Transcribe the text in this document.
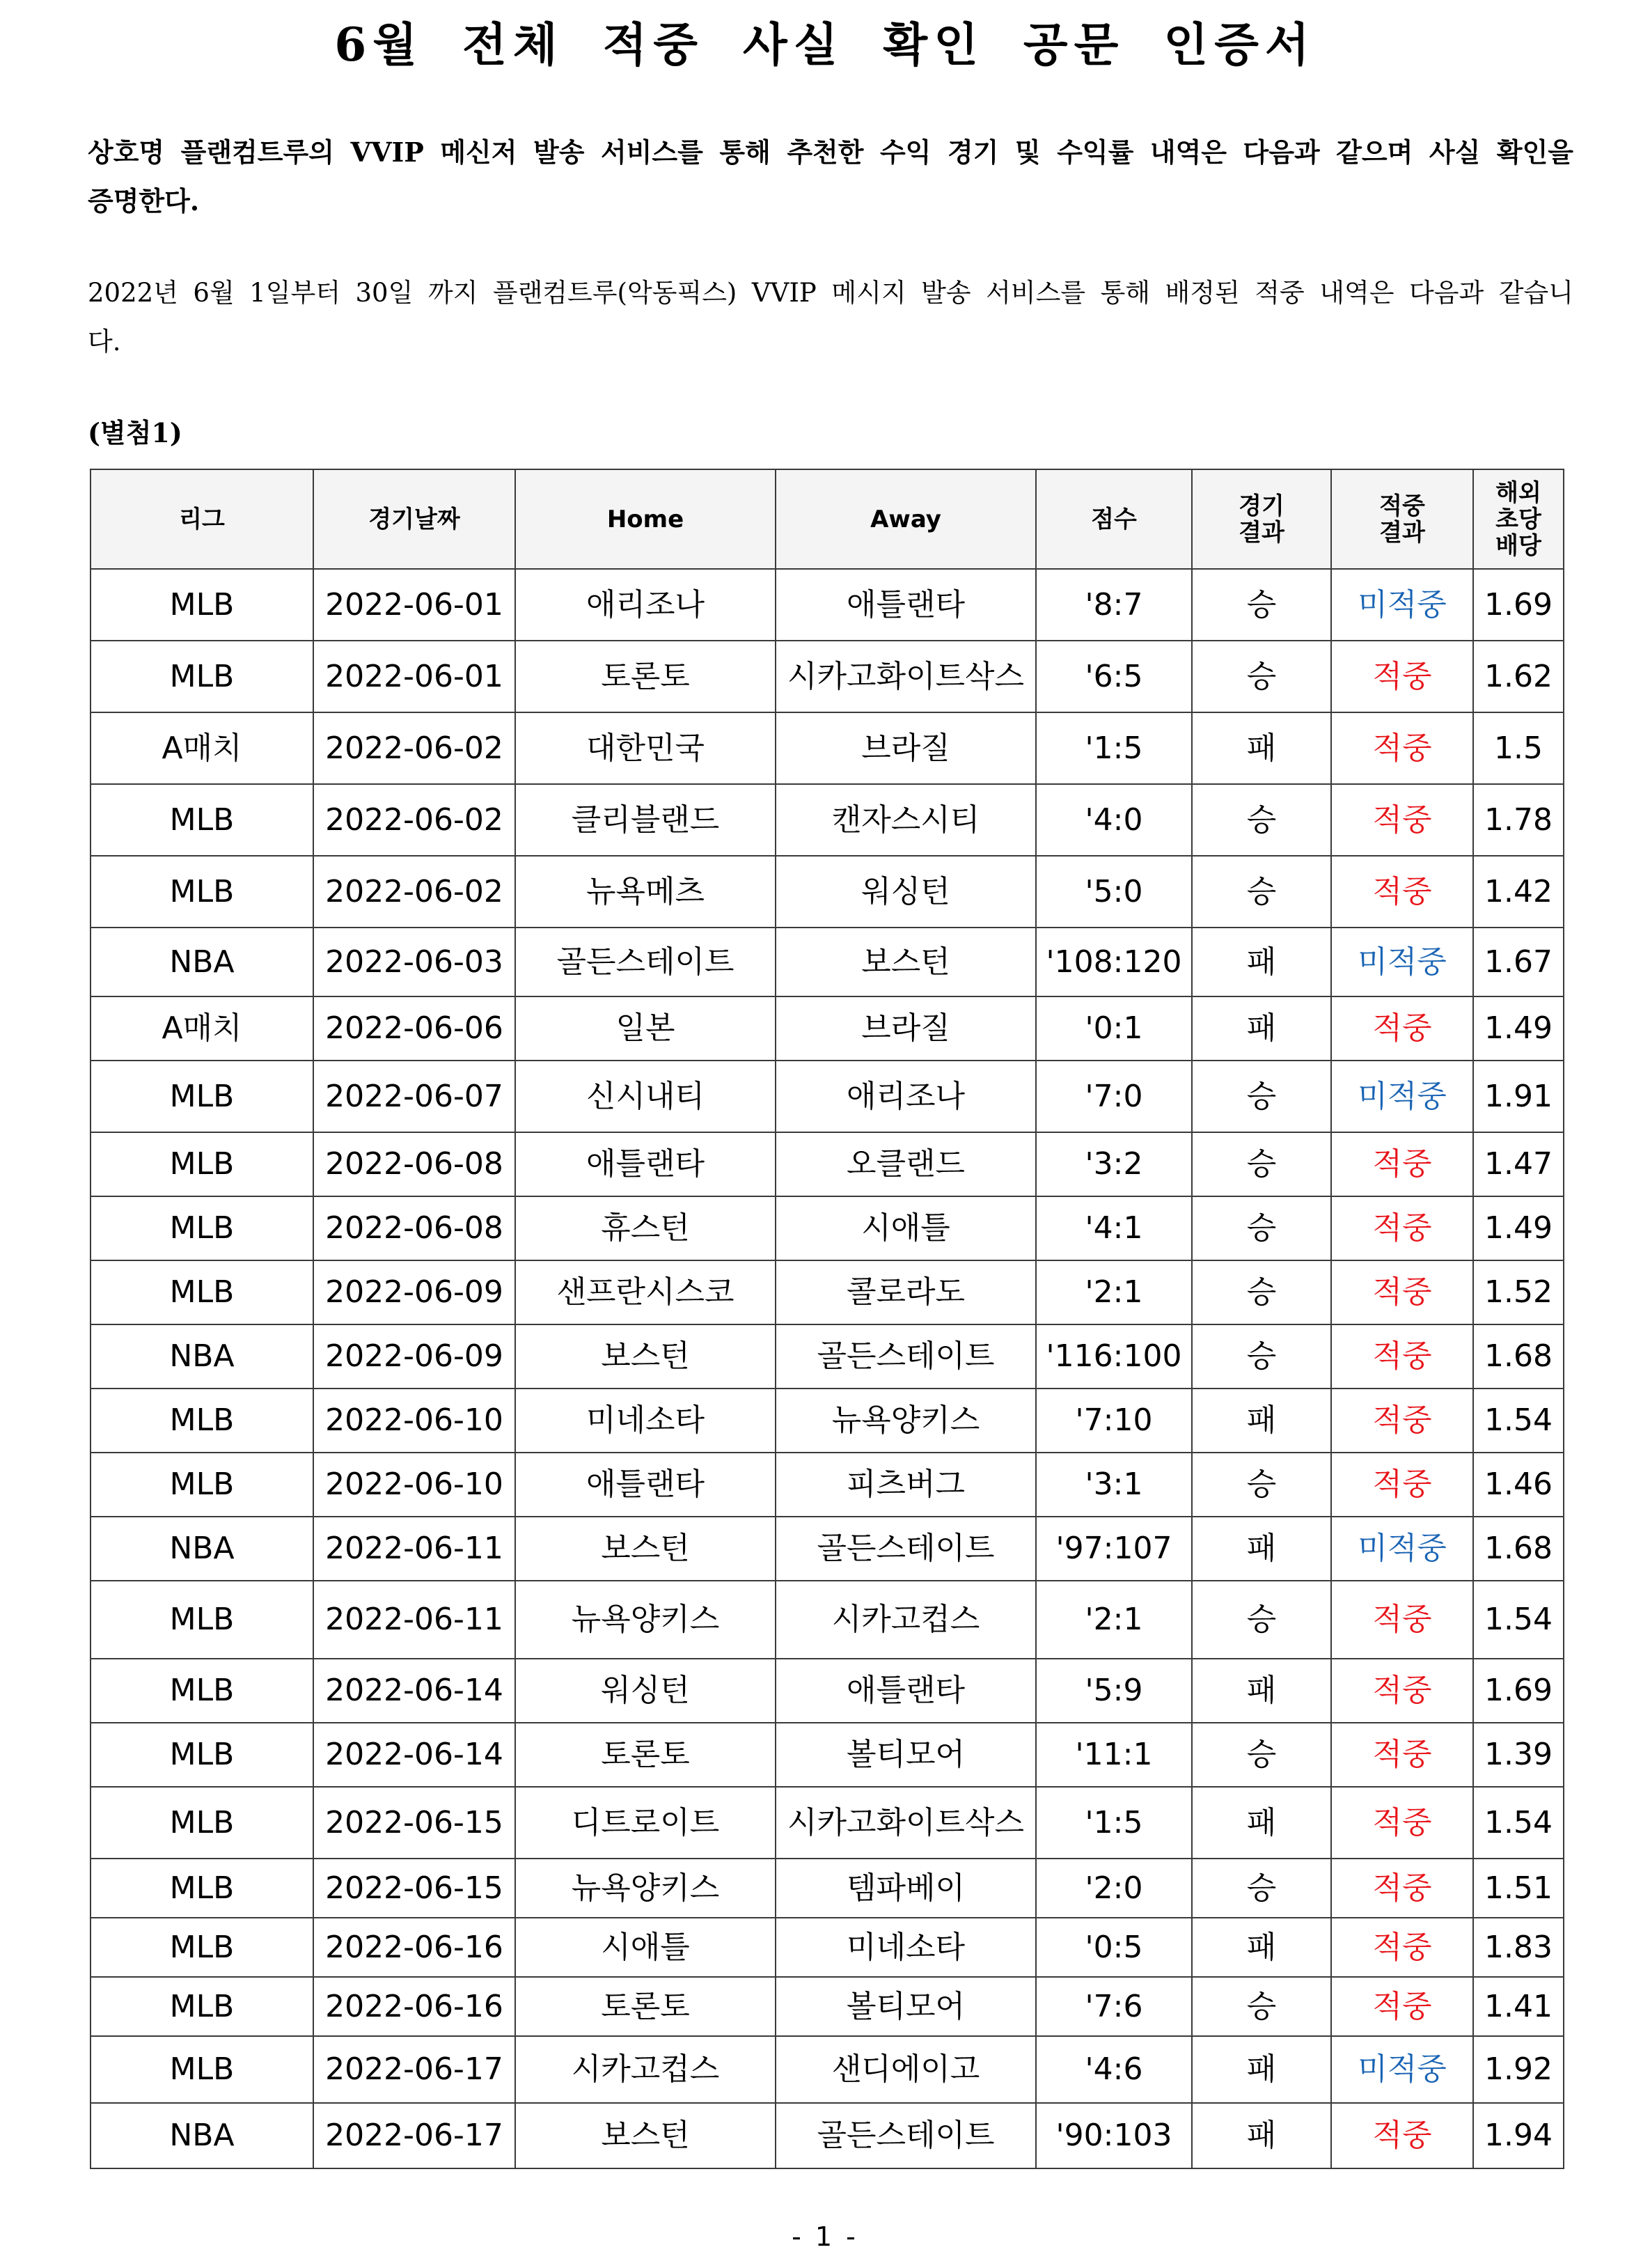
6월 전체 적중 사실 확인 공문 인증서
상호명 플랜컴트루의 VVIP 메신저 발송 서비스를 통해 추천한 수익 경기 및 수익률 내역은 다음과 같으며 사실 확인을 증명한다.
2022년 6월 1일부터 30일 까지 플랜컴트루(악동픽스) VVIP 메시지 발송 서비스를 통해 배정된 적중 내역은 다음과 같습니다.
(별첨1)
리그	경기날짜	Home	Away	점수	경기 결과	적중 결과	해외 초당 배당

MLB	2022-06-01	애리조나	애틀랜타	'8:7	승	미적중	1.69
MLB	2022-06-01	토론토	시카고화이트삭스	'6:5	승	적중	1.62
A매치	2022-06-02	대한민국	브라질	'1:5	패	적중	1.5
MLB	2022-06-02	클리블랜드	캔자스시티	'4:0	승	적중	1.78
MLB	2022-06-02	뉴욕메츠	워싱턴	'5:0	승	적중	1.42
NBA	2022-06-03	골든스테이트	보스턴	'108:120	패	미적중	1.67
A매치	2022-06-06	일본	브라질	'0:1	패	적중	1.49
MLB	2022-06-07	신시내티	애리조나	'7:0	승	미적중	1.91
MLB	2022-06-08	애틀랜타	오클랜드	'3:2	승	적중	1.47
MLB	2022-06-08	휴스턴	시애틀	'4:1	승	적중	1.49
MLB	2022-06-09	샌프란시스코	콜로라도	'2:1	승	적중	1.52
NBA	2022-06-09	보스턴	골든스테이트	'116:100	승	적중	1.68
MLB	2022-06-10	미네소타	뉴욕양키스	'7:10	패	적중	1.54
MLB	2022-06-10	애틀랜타	피츠버그	'3:1	승	적중	1.46
NBA	2022-06-11	보스턴	골든스테이트	'97:107	패	미적중	1.68
MLB	2022-06-11	뉴욕양키스	시카고컵스	'2:1	승	적중	1.54
MLB	2022-06-14	워싱턴	애틀랜타	'5:9	패	적중	1.69
MLB	2022-06-14	토론토	볼티모어	'11:1	승	적중	1.39
MLB	2022-06-15	디트로이트	시카고화이트삭스	'1:5	패	적중	1.54
MLB	2022-06-15	뉴욕양키스	템파베이	'2:0	승	적중	1.51
MLB	2022-06-16	시애틀	미네소타	'0:5	패	적중	1.83
MLB	2022-06-16	토론토	볼티모어	'7:6	승	적중	1.41
MLB	2022-06-17	시카고컵스	샌디에이고	'4:6	패	미적중	1.92
NBA	2022-06-17	보스턴	골든스테이트	'90:103	패	적중	1.94
- 1 -
